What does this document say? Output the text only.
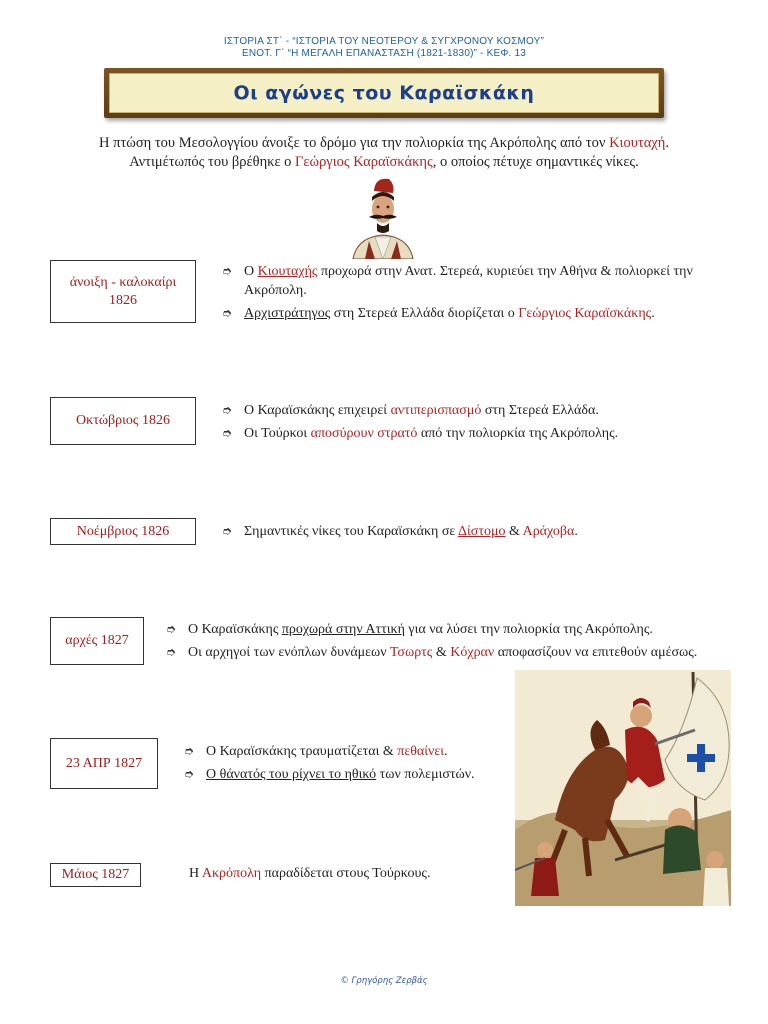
ΙΣΤΟΡΙΑ ΣΤ΄ - “ΙΣΤΟΡΙΑ ΤΟΥ ΝΕΟΤΕΡΟΥ & ΣΥΓΧΡΟΝΟΥ ΚΟΣΜΟΥ”
ΕΝΟΤ. Γ΄ “Η ΜΕΓΑΛΗ ΕΠΑΝΑΣΤΑΣΗ (1821-1830)” - ΚΕΦ. 13
Οι αγώνες του Καραϊσκάκη
Η πτώση του Μεσολογγίου άνοιξε το δρόμο για την πολιορκία της Ακρόπολης από τον Κιουταχή.
Αντιμέτωπός του βρέθηκε ο Γεώργιος Καραϊσκάκης, ο οποίος πέτυχε σημαντικές νίκες.
άνοιξη - καλοκαίρι
1826
➮ Ο Κιουταχής προχωρά στην Ανατ. Στερεά, κυριεύει την Αθήνα & πολιορκεί την Ακρόπολη.
➮ Αρχιστράτηγος στη Στερεά Ελλάδα διορίζεται ο Γεώργιος Καραϊσκάκης.
Οκτώβριος 1826
➮ Ο Καραϊσκάκης επιχειρεί αντιπερισπασμό στη Στερεά Ελλάδα.
➮ Οι Τούρκοι αποσύρουν στρατό από την πολιορκία της Ακρόπολης.
Νοέμβριος 1826	➮ Σημαντικές νίκες του Καραϊσκάκη σε Δίστομο & Αράχοβα.
αρχές 1827
➮ Ο Καραϊσκάκης προχωρά στην Αττική για να λύσει την πολιορκία της Ακρόπολης.
➮ Οι αρχηγοί των ενόπλων δυνάμεων Τσωρτς & Κόχραν αποφασίζουν να επιτεθούν αμέσως.
23 ΑΠΡ 1827
➮ Ο Καραϊσκάκης τραυματίζεται & πεθαίνει.
➮ Ο θάνατός του ρίχνει το ηθικό των πολεμιστών.
Μάιος 1827	Η Ακρόπολη παραδίδεται στους Τούρκους.
© Γρηγόρης Ζερβάς
